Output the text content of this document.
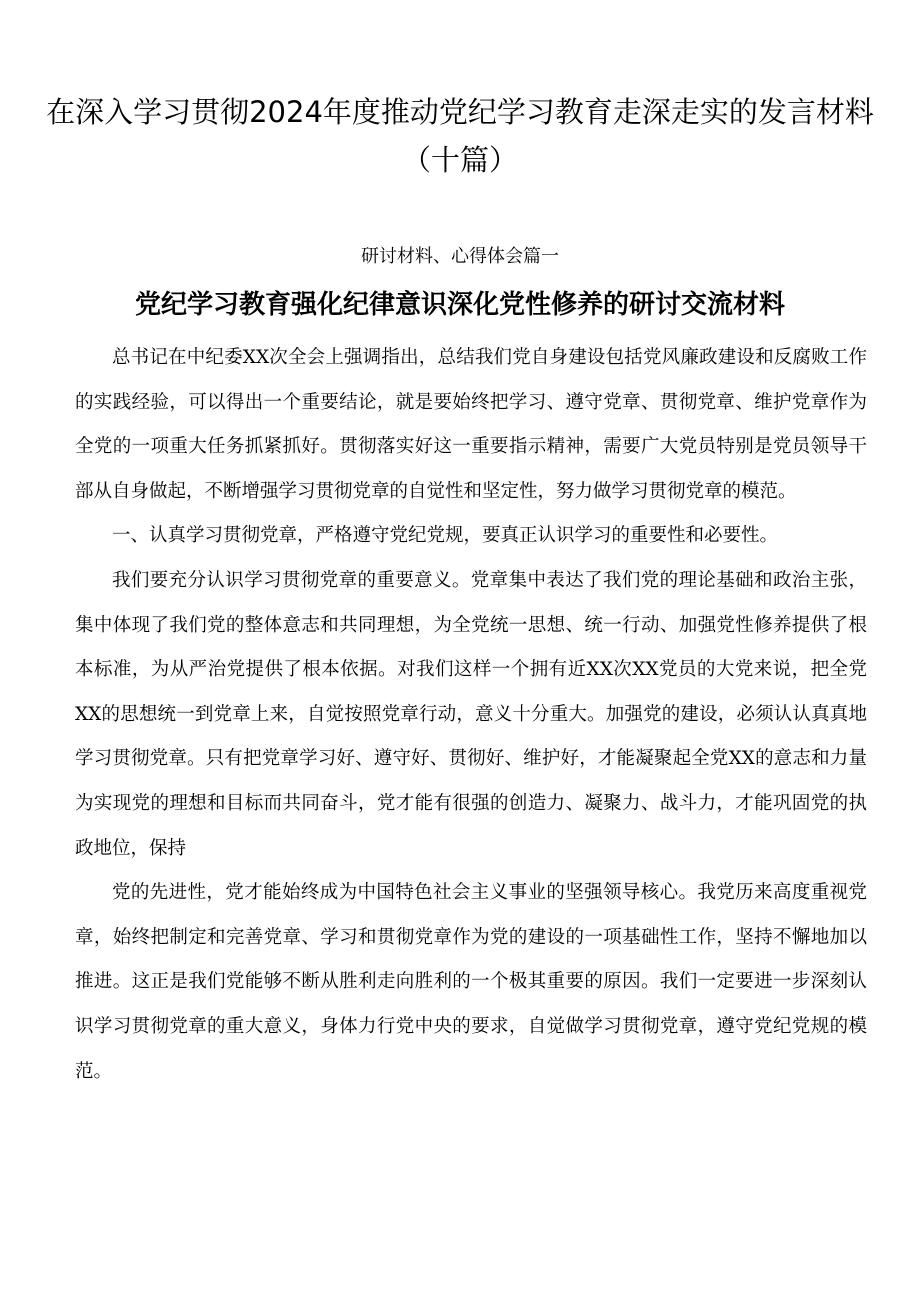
在深入学习贯彻2024年度推动党纪学习教育走深走实的发言材料
（十篇）

研讨材料、心得体会篇一

党纪学习教育强化纪律意识深化党性修养的研讨交流材料

总书记在中纪委XX次全会上强调指出，总结我们党自身建设包括党风廉政建设和反腐败工作的实践经验，可以得出一个重要结论，就是要始终把学习、遵守党章、贯彻党章、维护党章作为全党的一项重大任务抓紧抓好。贯彻落实好这一重要指示精神，需要广大党员特别是党员领导干部从自身做起，不断增强学习贯彻党章的自觉性和坚定性，努力做学习贯彻党章的模范。

一、认真学习贯彻党章，严格遵守党纪党规，要真正认识学习的重要性和必要性。

我们要充分认识学习贯彻党章的重要意义。党章集中表达了我们党的理论基础和政治主张，集中体现了我们党的整体意志和共同理想，为全党统一思想、统一行动、加强党性修养提供了根本标准，为从严治党提供了根本依据。对我们这样一个拥有近XX次XX党员的大党来说，把全党XX的思想统一到党章上来，自觉按照党章行动，意义十分重大。加强党的建设，必须认认真真地学习贯彻党章。只有把党章学习好、遵守好、贯彻好、维护好，才能凝聚起全党XX的意志和力量为实现党的理想和目标而共同奋斗，党才能有很强的创造力、凝聚力、战斗力，才能巩固党的执政地位，保持

党的先进性，党才能始终成为中国特色社会主义事业的坚强领导核心。我党历来高度重视党章，始终把制定和完善党章、学习和贯彻党章作为党的建设的一项基础性工作，坚持不懈地加以推进。这正是我们党能够不断从胜利走向胜利的一个极其重要的原因。我们一定要进一步深刻认识学习贯彻党章的重大意义，身体力行党中央的要求，自觉做学习贯彻党章，遵守党纪党规的模范。
